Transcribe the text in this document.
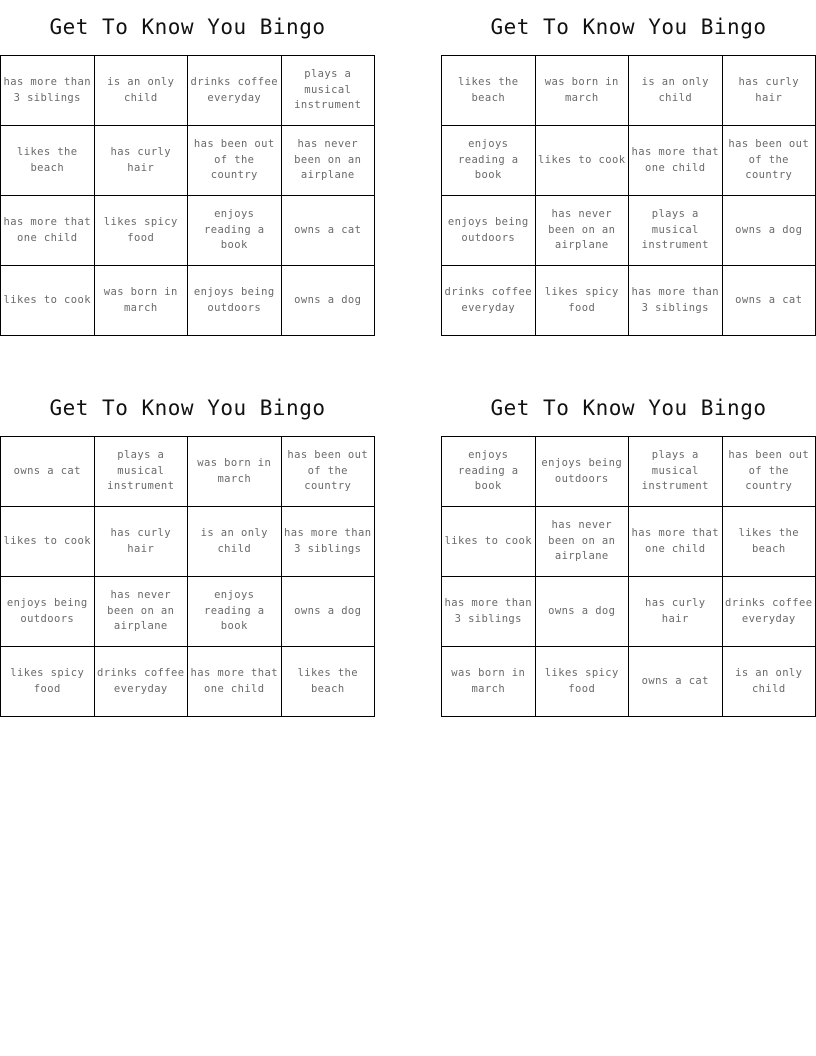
Get To Know You Bingo
has more than 3 siblings	is an only child	drinks coffee everyday	plays a musical instrument
likes the beach	has curly hair	has been out of the country	has never been on an airplane
has more that one child	likes spicy food	enjoys reading a book	owns a cat
likes to cook	was born in march	enjoys being outdoors	owns a dog
Get To Know You Bingo
likes the beach	was born in march	is an only child	has curly hair
enjoys reading a book	likes to cook	has more that one child	has been out of the country
enjoys being outdoors	has never been on an airplane	plays a musical instrument	owns a dog
drinks coffee everyday	likes spicy food	has more than 3 siblings	owns a cat
Get To Know You Bingo
owns a cat	plays a musical instrument	was born in march	has been out of the country
likes to cook	has curly hair	is an only child	has more than 3 siblings
enjoys being outdoors	has never been on an airplane	enjoys reading a book	owns a dog
likes spicy food	drinks coffee everyday	has more that one child	likes the beach
Get To Know You Bingo
enjoys reading a book	enjoys being outdoors	plays a musical instrument	has been out of the country
likes to cook	has never been on an airplane	has more that one child	likes the beach
has more than 3 siblings	owns a dog	has curly hair	drinks coffee everyday
was born in march	likes spicy food	owns a cat	is an only child
